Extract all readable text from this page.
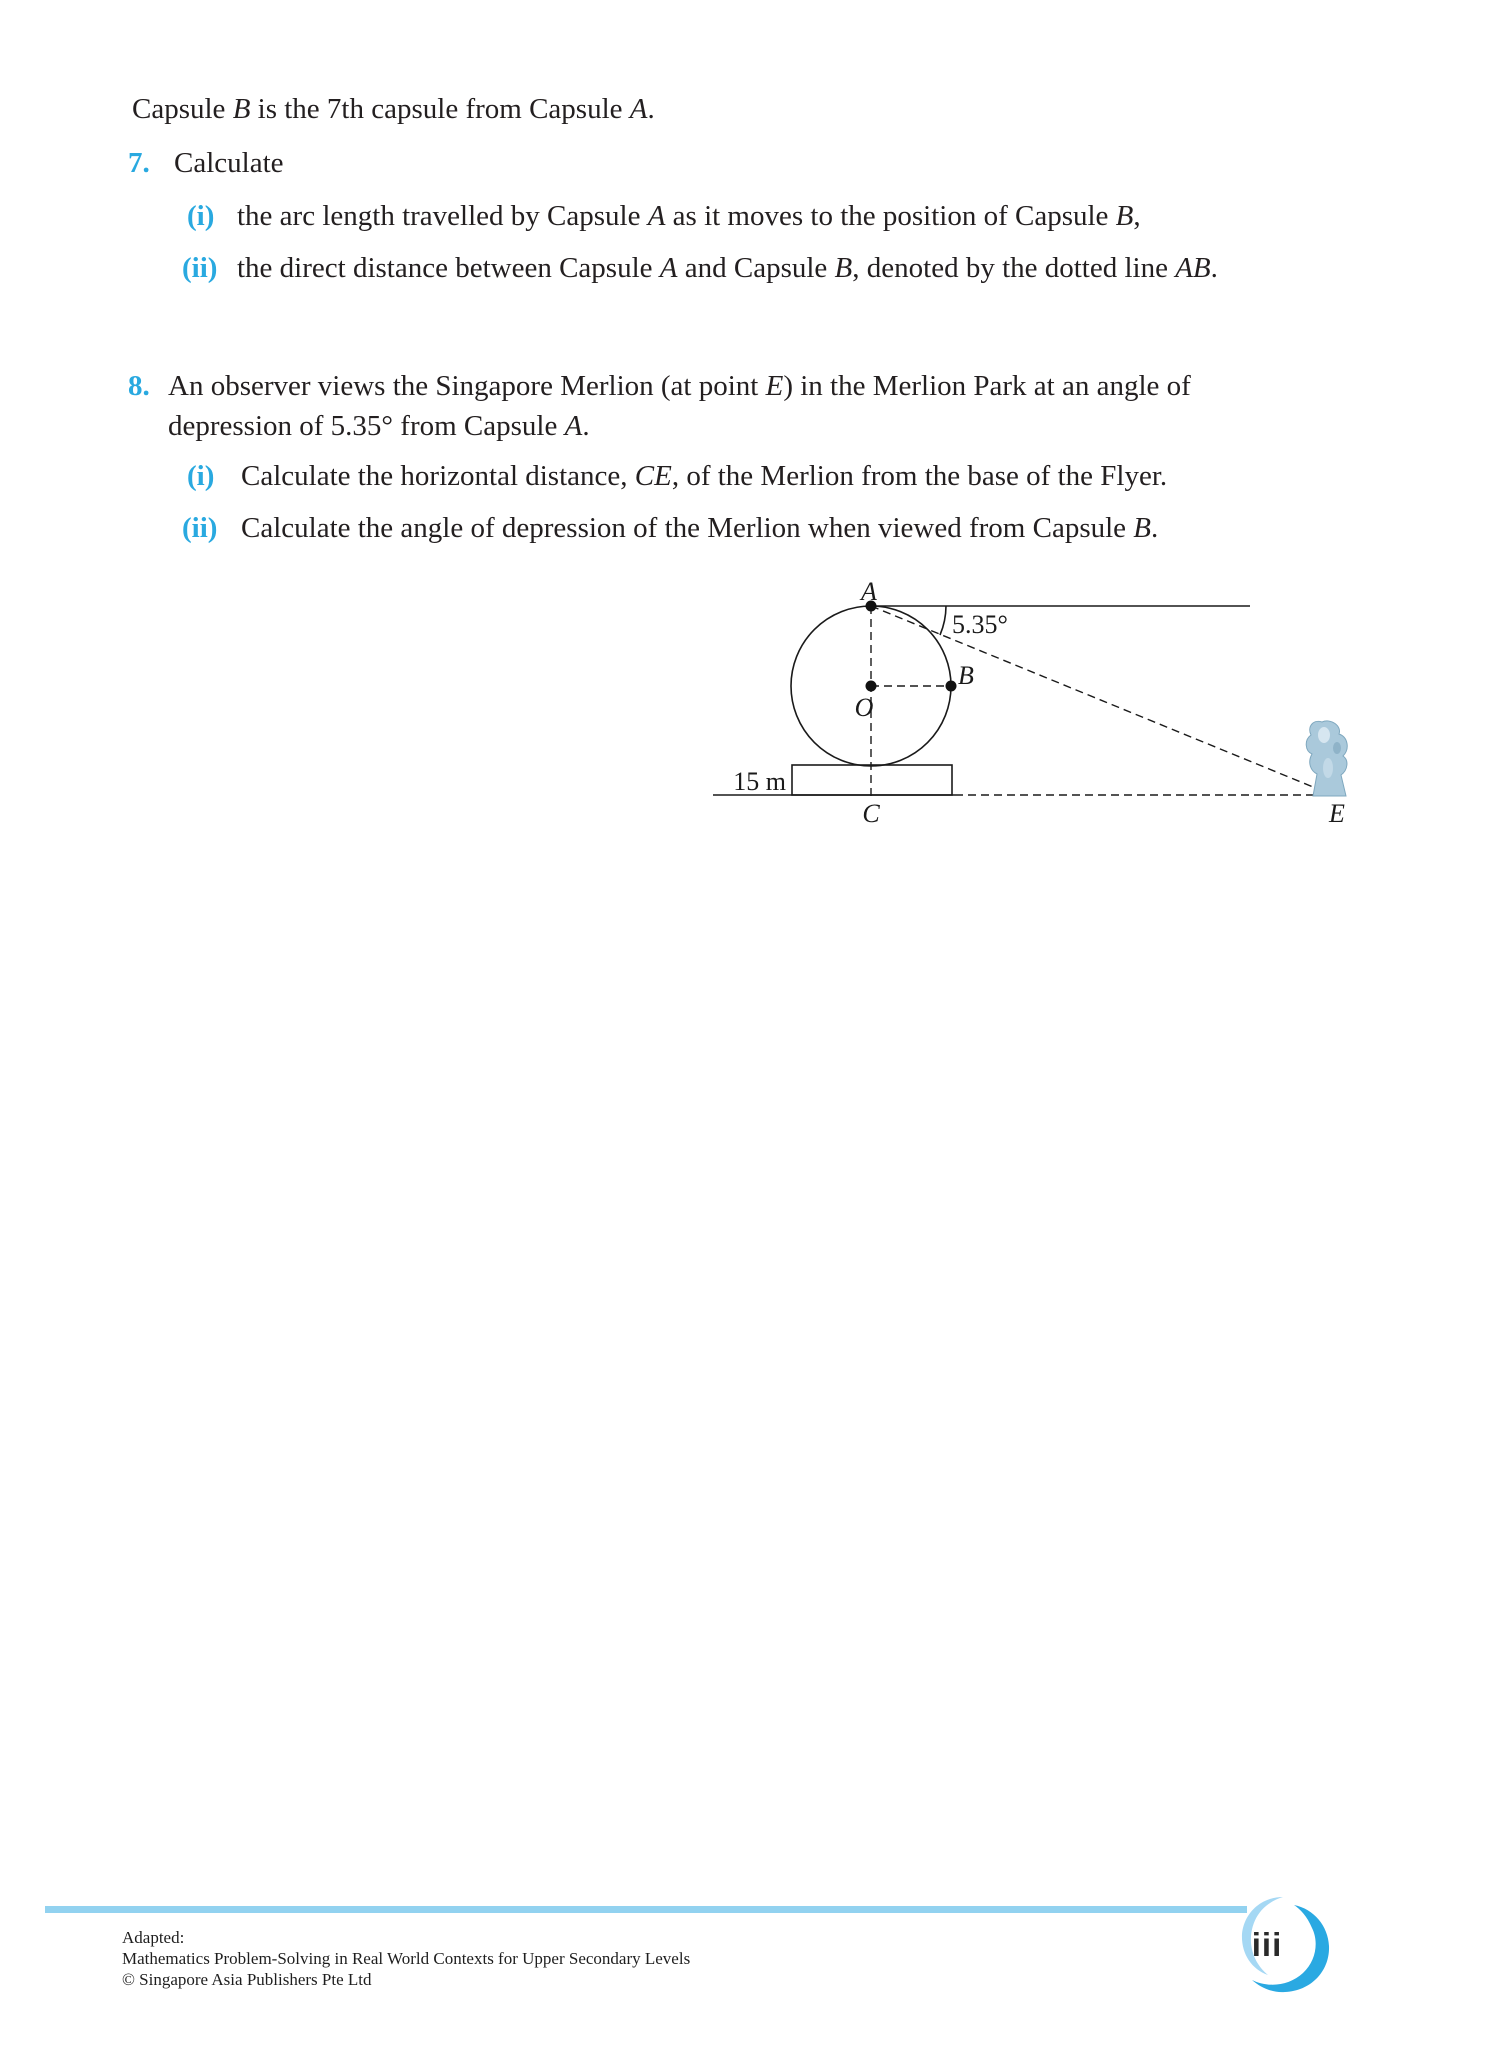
Capsule B is the 7th capsule from Capsule A.
7. Calculate
(i) the arc length travelled by Capsule A as it moves to the position of Capsule B,
(ii) the direct distance between Capsule A and Capsule B, denoted by the dotted line AB.
8. An observer views the Singapore Merlion (at point E) in the Merlion Park at an angle of
depression of 5.35° from Capsule A.
(i) Calculate the horizontal distance, CE, of the Merlion from the base of the Flyer.
(ii) Calculate the angle of depression of the Merlion when viewed from Capsule B.
A
B
O
C	E
5.35°
15 m
Adapted:
Mathematics Problem-Solving in Real World Contexts for Upper Secondary Levels
© Singapore Asia Publishers Pte Ltd
iii
